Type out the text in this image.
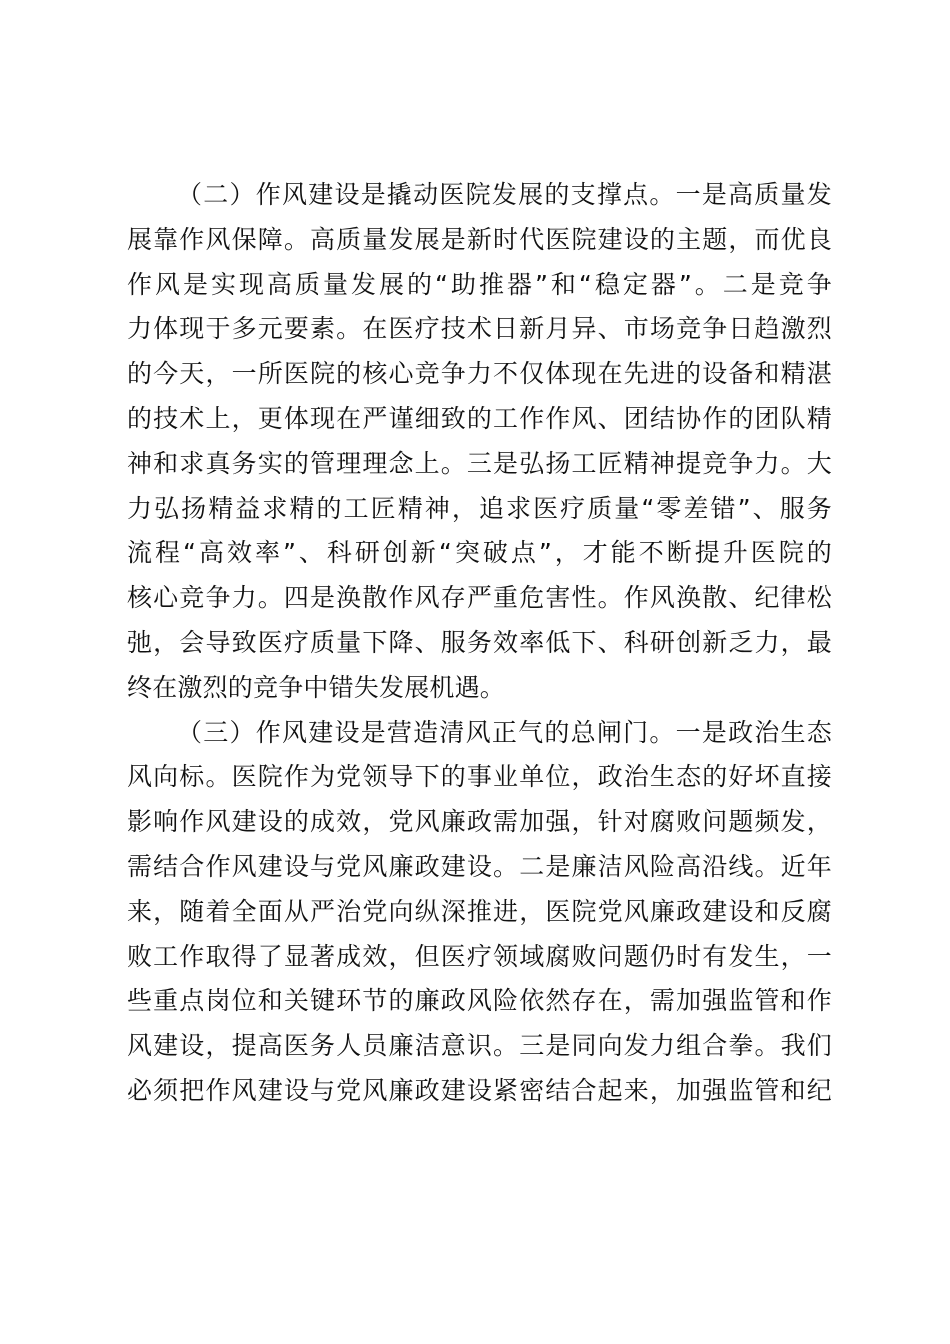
（二）作风建设是撬动医院发展的支撑点。一是高质量发
展靠作风保障。高质量发展是新时代医院建设的主题，而优良
作风是实现高质量发展的“助推器”和“稳定器”。二是竞争
力体现于多元要素。在医疗技术日新月异、市场竞争日趋激烈
的今天，一所医院的核心竞争力不仅体现在先进的设备和精湛
的技术上，更体现在严谨细致的工作作风、团结协作的团队精
神和求真务实的管理理念上。三是弘扬工匠精神提竞争力。大
力弘扬精益求精的工匠精神，追求医疗质量“零差错”、服务
流程“高效率”、科研创新“突破点”，才能不断提升医院的
核心竞争力。四是涣散作风存严重危害性。作风涣散、纪律松
弛，会导致医疗质量下降、服务效率低下、科研创新乏力，最
终在激烈的竞争中错失发展机遇。

（三）作风建设是营造清风正气的总闸门。一是政治生态
风向标。医院作为党领导下的事业单位，政治生态的好坏直接
影响作风建设的成效，党风廉政需加强，针对腐败问题频发，
需结合作风建设与党风廉政建设。二是廉洁风险高沿线。近年
来，随着全面从严治党向纵深推进，医院党风廉政建设和反腐
败工作取得了显著成效，但医疗领域腐败问题仍时有发生，一
些重点岗位和关键环节的廉政风险依然存在，需加强监管和作
风建设，提高医务人员廉洁意识。三是同向发力组合拳。我们
必须把作风建设与党风廉政建设紧密结合起来，加强监管和纪
